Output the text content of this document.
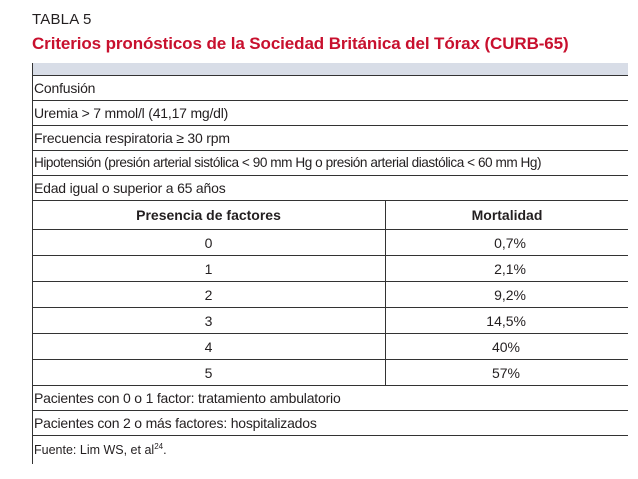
TABLA 5
Criterios pronósticos de la Sociedad Británica del Tórax (CURB-65)
Confusión
Uremia > 7 mmol/l (41,17 mg/dl)
Frecuencia respiratoria ≥ 30 rpm
Hipotensión (presión arterial sistólica < 90 mm Hg o presión arterial diastólica < 60 mm Hg)
Edad igual o superior a 65 años
Presencia de factores	Mortalidad
0	0,7%
1	2,1%
2	9,2%
3	14,5%
4	40%
5	57%
Pacientes con 0 o 1 factor: tratamiento ambulatorio
Pacientes con 2 o más factores: hospitalizados
Fuente: Lim WS, et $al^{24}$.
